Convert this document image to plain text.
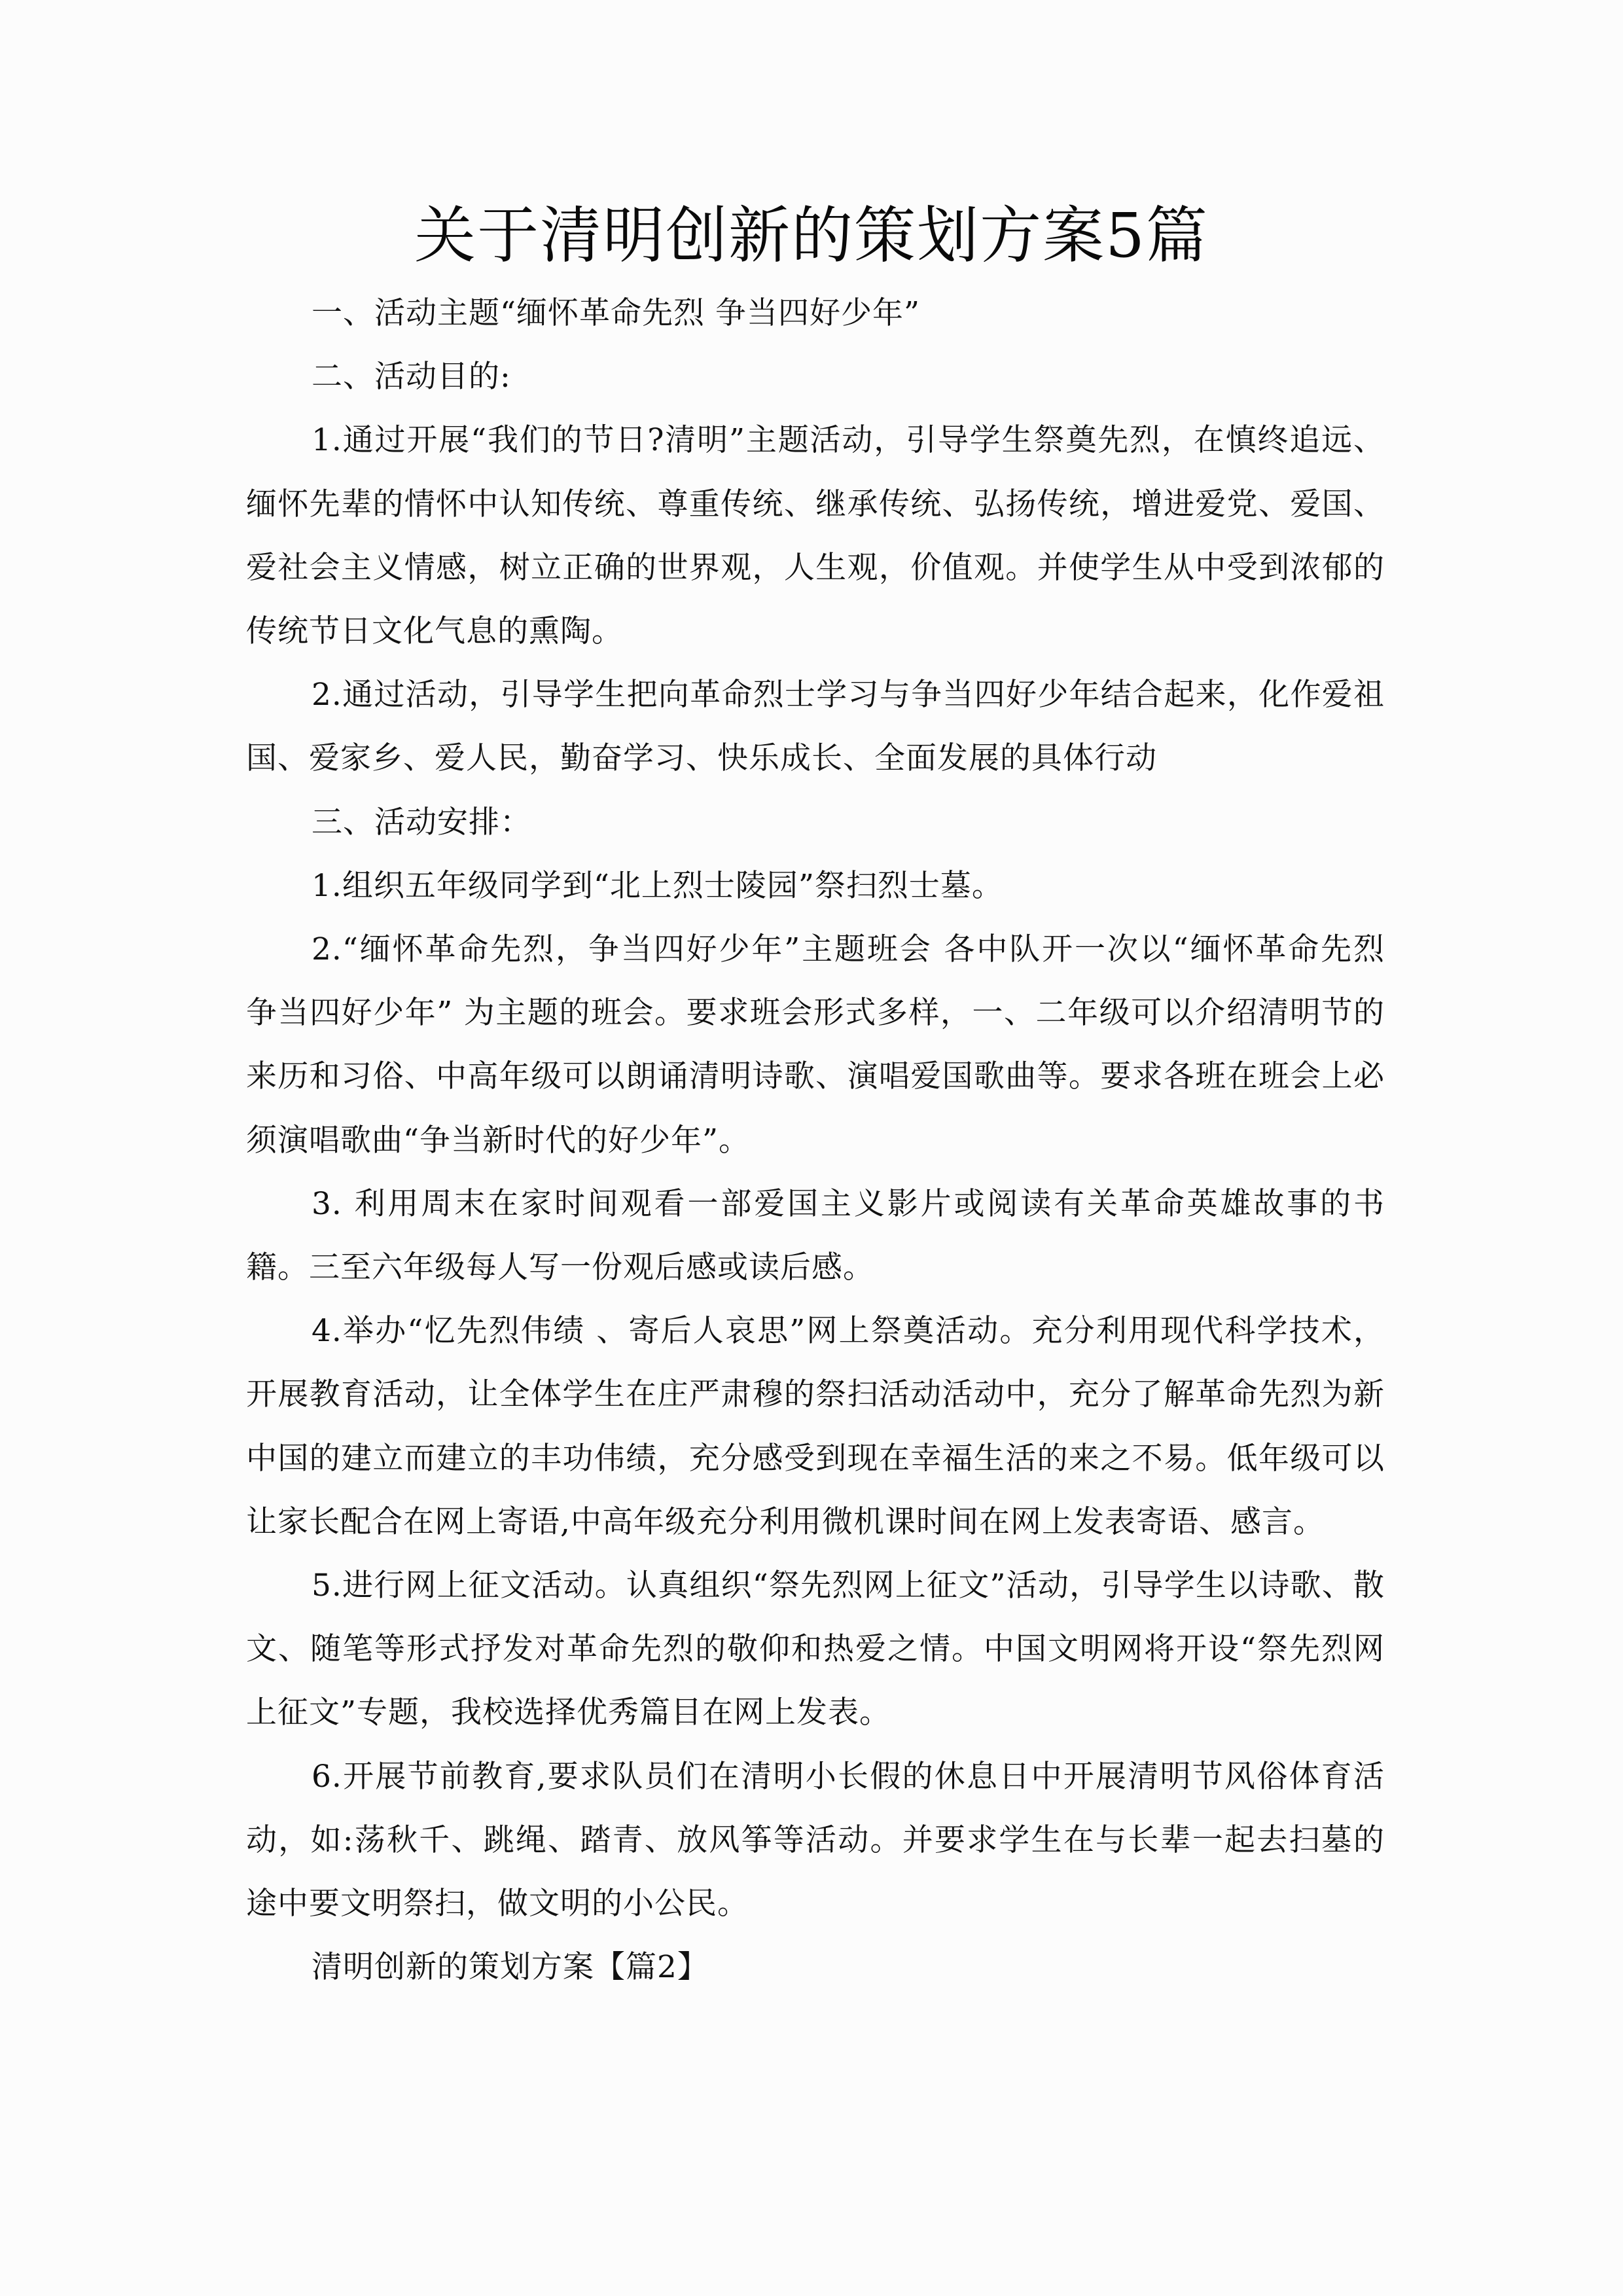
关于清明创新的策划方案5篇

一、活动主题“缅怀革命先烈 争当四好少年”

二、活动目的:

1.通过开展“我们的节日?清明”主题活动，引导学生祭奠先烈，在慎终追远、缅怀先辈的情怀中认知传统、尊重传统、继承传统、弘扬传统，增进爱党、爱国、爱社会主义情感，树立正确的世界观，人生观，价值观。并使学生从中受到浓郁的传统节日文化气息的熏陶。

2.通过活动，引导学生把向革命烈士学习与争当四好少年结合起来，化作爱祖国、爱家乡、爱人民，勤奋学习、快乐成长、全面发展的具体行动

三、活动安排：

1.组织五年级同学到“北上烈士陵园”祭扫烈士墓。

2.“缅怀革命先烈，争当四好少年”主题班会 各中队开一次以“缅怀革命先烈 争当四好少年” 为主题的班会。要求班会形式多样，一、二年级可以介绍清明节的来历和习俗、中高年级可以朗诵清明诗歌、演唱爱国歌曲等。要求各班在班会上必须演唱歌曲“争当新时代的好少年”。

3. 利用周末在家时间观看一部爱国主义影片或阅读有关革命英雄故事的书籍。三至六年级每人写一份观后感或读后感。

4.举办“忆先烈伟绩 、寄后人哀思”网上祭奠活动。充分利用现代科学技术，开展教育活动，让全体学生在庄严肃穆的祭扫活动活动中，充分了解革命先烈为新中国的建立而建立的丰功伟绩，充分感受到现在幸福生活的来之不易。低年级可以让家长配合在网上寄语,中高年级充分利用微机课时间在网上发表寄语、感言。

5.进行网上征文活动。认真组织“祭先烈网上征文”活动，引导学生以诗歌、散文、随笔等形式抒发对革命先烈的敬仰和热爱之情。中国文明网将开设“祭先烈网上征文”专题，我校选择优秀篇目在网上发表。

6.开展节前教育,要求队员们在清明小长假的休息日中开展清明节风俗体育活动，如:荡秋千、跳绳、踏青、放风筝等活动。并要求学生在与长辈一起去扫墓的途中要文明祭扫，做文明的小公民。

清明创新的策划方案【篇2】
